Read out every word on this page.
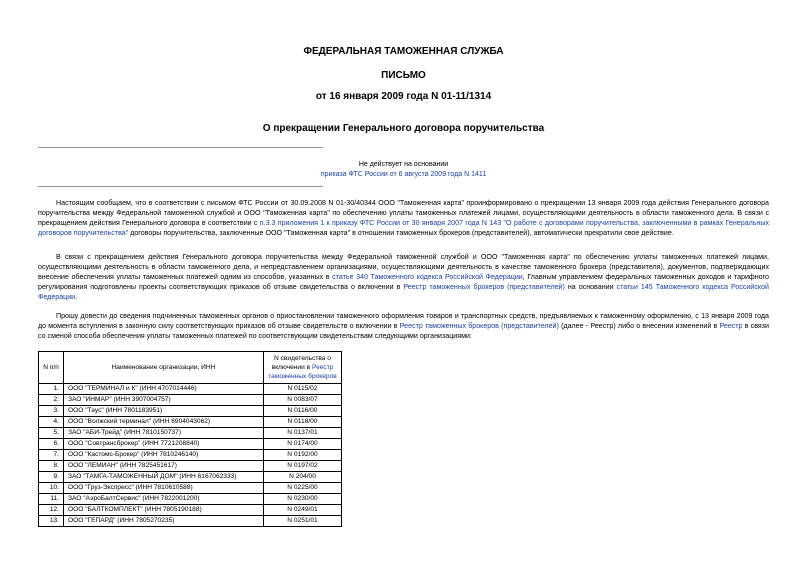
ФЕДЕРАЛЬНАЯ ТАМОЖЕННАЯ СЛУЖБА
ПИСЬМО
от 16 января 2009 года N 01-11/1314
О прекращении Генерального договора поручительства
Не действует на основании
приказа ФТС России от 6 августа 2009 года N 1411

Настоящим сообщаем, что в соответствии с письмом ФТС России от 30.09.2008 N 01-30/40344 ООО "Таможенная карта" проинформировано о прекращении 13 января 2009 года действия Генерального договора поручительства между Федеральной таможенной службой и ООО "Таможенная карта" по обеспечению уплаты таможенных платежей лицами, осуществляющими деятельность в области таможенного дела. В связи с прекращением действия Генерального договора в соответствии с п.3.3 приложения 1 к приказу ФТС России от 30 января 2007 года N 143 "О работе с договорами поручительства, заключенными в рамках Генеральных договоров поручительства" договоры поручительства, заключенные ООО "Таможенная карта" в отношении таможенных брокеров (представителей), автоматически прекратили свое действие.

В связи с прекращением действия Генерального договора поручительства между Федеральной таможенной службой и ООО "Таможенная карта" по обеспечению уплаты таможенных платежей лицами, осуществляющими деятельность в области таможенного дела, и непредставлением организациями, осуществляющими деятельность в качестве таможенного брокера (представителя), документов, подтверждающих внесение обеспечения уплаты таможенных платежей одним из способов, указанных в статье 340 Таможенного кодекса Российской Федерации, Главным управлением федеральных таможенных доходов и тарифного регулирования подготовлены проекты соответствующих приказов об отзыве свидетельства о включении в Реестр таможенных брокеров (представителей) на основании статьи 145 Таможенного кодекса Российской Федерации.

Прошу довести до сведения подчиненных таможенных органов о приостановлении таможенного оформления товаров и транспортных средств, предъявляемых к таможенному оформлению, с 13 января 2009 года до момента вступления в законную силу соответствующих приказов об отзыве свидетельств о включении в Реестр таможенных брокеров (представителей) (далее - Реестр) либо о внесении изменений в Реестр в связи со сменой способа обеспечения уплаты таможенных платежей по соответствующим свидетельствам следующими организациями:

N п/п	Наименование организации, ИНН	N свидетельства о включении в Реестр таможенных брокеров
1.	ООО "ТЕРМИНАЛ и К" (ИНН 4707014446)	N 0115/02
2.	ЗАО "ИНМАР" (ИНН 3907004757)	N 0083/07
3.	ООО "Таус" (ИНН 7801183951)	N 0116/00
4.	ООО "Волжский терминал" (ИНН 6904043062)	N 0118/00
5.	ЗАО "АБИ-Трейд" (ИНН 7810150737)	N 0137/01
6.	ООО "Совтрансброкер" (ИНН 7721208840)	N 0174/00
7.	ООО "Кастомс-Брокер" (ИНН 7810246140)	N 0192/00
8.	ООО "ЛЕМИАН" (ИНН 7825451617)	N 0197/02
9.	ЗАО "ТАМГА-ТАМОЖЕННЫЙ ДОМ" (ИНН 6167062333)	N 204/00
10.	ООО "Груз-Экспресс" (ИНН 7810610588)	N 0225/00
11.	ЗАО "АэроБалтСервис" (ИНН 7822001200)	N 0230/00
12.	ООО "БАЛТКОМПЛЕКТ" (ИНН 7805190188)	N 0249/01
13.	ООО "ГЕПАРД" (ИНН 7805270235)	N 0251/01
